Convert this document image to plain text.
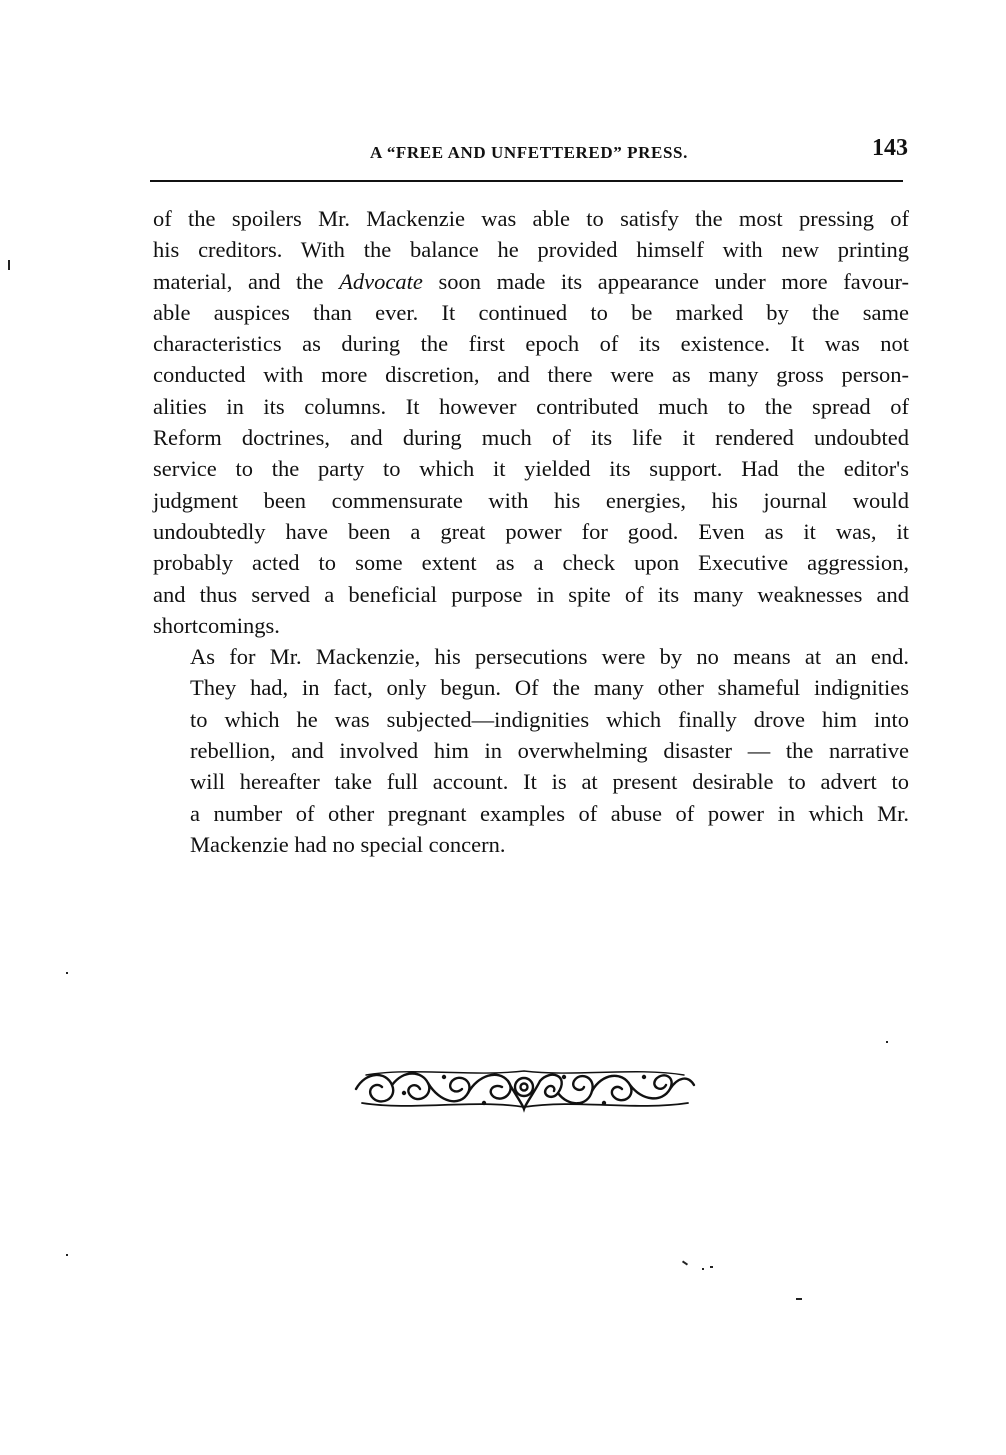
A “FREE AND UNFETTERED” PRESS.	143
of the spoilers Mr. Mackenzie was able to satisfy the most pressing of
his creditors. With the balance he provided himself with new printing
material, and the Advocate soon made its appearance under more favour-
able auspices than ever. It continued to be marked by the same
characteristics as during the first epoch of its existence. It was not
conducted with more discretion, and there were as many gross person-
alities in its columns. It however contributed much to the spread of
Reform doctrines, and during much of its life it rendered undoubted
service to the party to which it yielded its support. Had the editor's
judgment been commensurate with his energies, his journal would
undoubtedly have been a great power for good. Even as it was, it
probably acted to some extent as a check upon Executive aggression,
and thus served a beneficial purpose in spite of its many weaknesses and
shortcomings.
As for Mr. Mackenzie, his persecutions were by no means at an end.
They had, in fact, only begun. Of the many other shameful indignities
to which he was subjected—indignities which finally drove him into
rebellion, and involved him in overwhelming disaster — the narrative
will hereafter take full account. It is at present desirable to advert to
a number of other pregnant examples of abuse of power in which Mr.
Mackenzie had no special concern.
